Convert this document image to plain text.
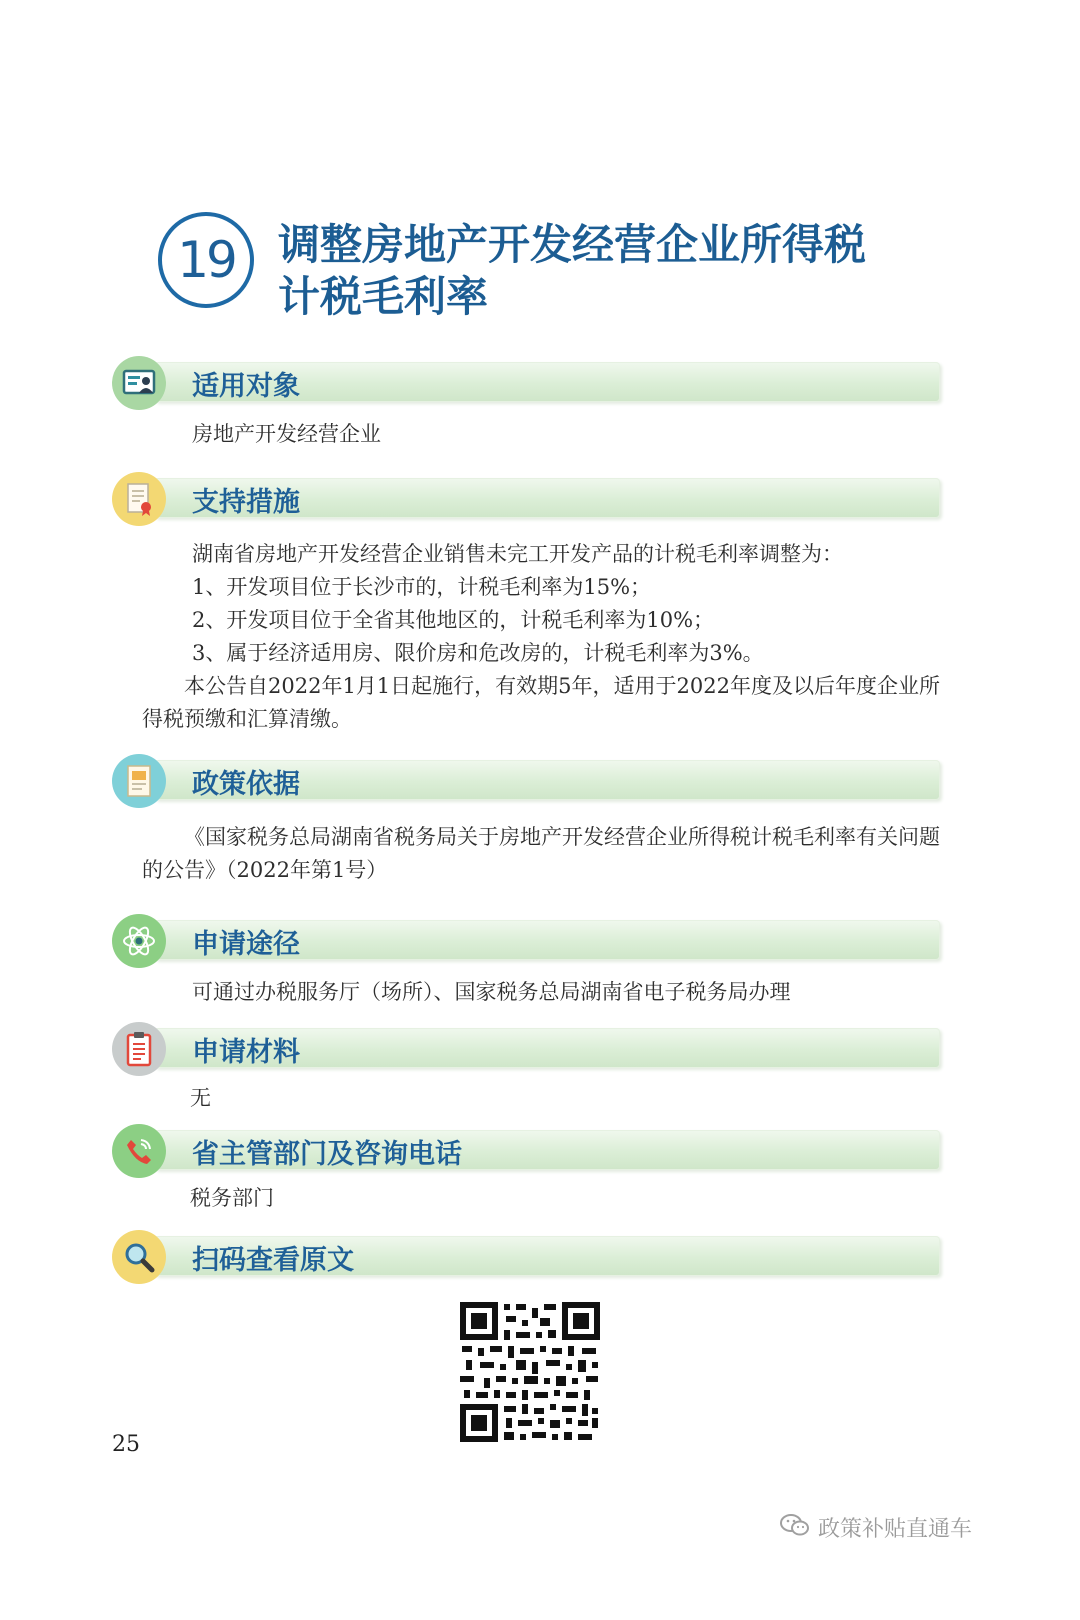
19	调整房地产开发经营企业所得税
计税毛利率
适用对象
房地产开发经营企业
支持措施
湖南省房地产开发经营企业销售未完工开发产品的计税毛利率调整为：
1、开发项目位于长沙市的，计税毛利率为15%；
2、开发项目位于全省其他地区的，计税毛利率为10%；
3、属于经济适用房、限价房和危改房的，计税毛利率为3%。
本公告自2022年1月1日起施行，有效期5年，适用于2022年度及以后年度企业所得税预缴和汇算清缴。
政策依据
《国家税务总局湖南省税务局关于房地产开发经营企业所得税计税毛利率有关问题的公告》（2022年第1号）
申请途径
可通过办税服务厅（场所）、国家税务总局湖南省电子税务局办理
申请材料
无
省主管部门及咨询电话
税务部门
扫码查看原文
25
政策补贴直通车
